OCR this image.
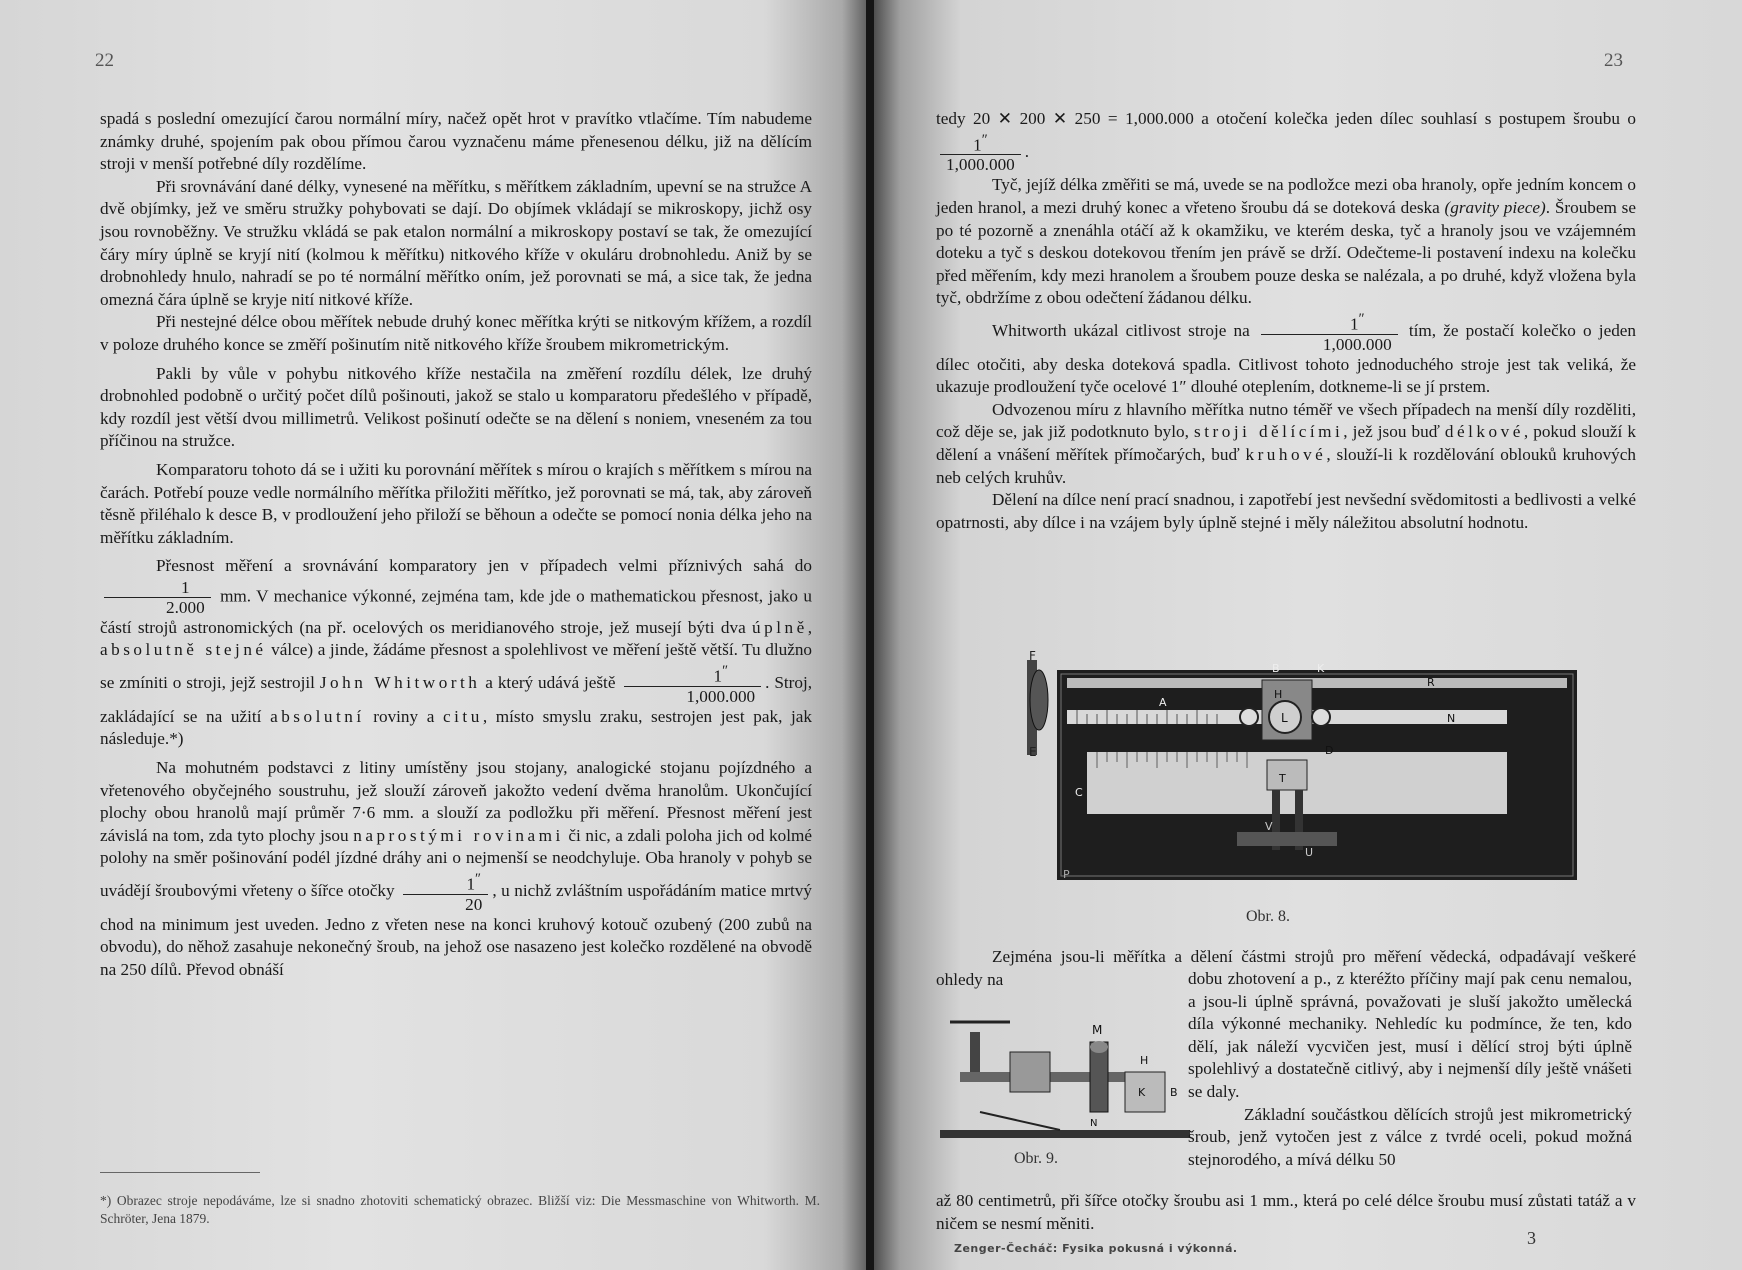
22

spadá s poslední omezující čarou normální míry, načež opět hrot v pravítko vtlačíme. Tím nabudeme známky druhé, spojením pak obou přímou čarou vyznačenu máme přenesenou délku, již na dělícím stroji v menší potřebné díly rozdělíme.

Při srovnávání dané délky, vynesené na měřítku, s měřítkem základním, upevní se na stružce A dvě objímky, jež ve směru stružky pohybovati se dají. Do objímek vkládají se mikroskopy, jichž osy jsou rovnoběžny. Ve stružku vkládá se pak etalon normální a mikroskopy postaví se tak, že omezující čáry míry úplně se kryjí nití (kolmou k měřítku) nitkového kříže v okuláru drobnohledu. Aniž by se drobnohledy hnulo, nahradí se po té normální měřítko oním, jež porovnati se má, a sice tak, že jedna omezná čára úplně se kryje nití nitkové kříže.

Při nestejné délce obou měřítek nebude druhý konec měřítka krýti se nitkovým křížem, a rozdíl v poloze druhého konce se změří pošinutím nitě nitkového kříže šroubem mikrometrickým.

Pakli by vůle v pohybu nitkového kříže nestačila na změření rozdílu délek, lze druhý drobnohled podobně o určitý počet dílů pošinouti, jakož se stalo u komparatoru předešlého v případě, kdy rozdíl jest větší dvou millimetrů. Velikost pošinutí odečte se na dělení s noniem, vneseném za tou příčinou na stružce.

Komparatoru tohoto dá se i užiti ku porovnání měřítek s mírou o krajích s měřítkem s mírou na čarách. Potřebí pouze vedle normálního měřítka přiložiti měřítko, jež porovnati se má, tak, aby zároveň těsně přiléhalo k desce B, v prodloužení jeho přiloží se běhoun a odečte se pomocí nonia délka jeho na měřítku základním.

Přesnost měření a srovnávání komparatory jen v případech velmi příznivých sahá do
$\frac{1}{2.000}$ mm. V mechanice výkonné, zejména tam, kde jde o mathematickou přesnost, jako u částí strojů astronomických (na př. ocelových os meridianového stroje, jež musejí býti dva úplně, absolutně stejné válce) a jinde, žádáme přesnost a spolehlivost ve měření ještě větší. Tu dlužno se zmíniti o stroji, jejž sestrojil John Whitworth a který udává ještě $\frac{1''}{1,000.000}$ . Stroj, zakládající se na užití absolutní roviny a citu, místo smyslu zraku, sestrojen jest pak, jak následuje.*)

Na mohutném podstavci z litiny umístěny jsou stojany, analogické stojanu pojízdného a vřetenového obyčejného soustruhu, jež slouží zároveň jakožto vedení dvěma hranolům. Ukončující plochy obou hranolů mají průměr 7·6 mm. a slouží za podložku při měření. Přesnost měření jest závislá na tom, zda tyto plochy jsou naprostými rovinami či nic, a zdali poloha jich od kolmé polohy na směr pošinování podél jízdné dráhy ani o nejmenší se neodchyluje. Oba hranoly v pohyb se uvádějí šroubovými vřeteny o šířce otočky $\frac{1''}{20}$ , u nichž zvláštním uspořádáním matice mrtvý chod na minimum jest uveden. Jedno z vřeten nese na konci kruhový kotouč ozubený (200 zubů na obvodu), do něhož zasahuje nekonečný šroub, na jehož ose nasazeno jest kolečko rozdělené na obvodě na 250 dílů. Převod obnáší

*) Obrazec stroje nepodáváme, lze si snadno zhotoviti schematický obrazec. Bližší viz: Die Messmaschine von Whitworth. M. Schröter, Jena 1879.
23

tedy 20 ✕ 200 ✕ 250 = 1,000.000 a otočení kolečka jeden dílec souhlasí s postupem šroubu o
$\frac{1''}{1,000.000}$ .

Tyč, jejíž délka změřiti se má, uvede se na podložce mezi oba hranoly, opře jedním koncem o jeden hranol, a mezi druhý konec a vřeteno šroubu dá se doteková deska (gravity piece). Šroubem se po té pozorně a znenáhla otáčí až k okamžiku, ve kterém deska, tyč a hranoly jsou ve vzájemném doteku a tyč s deskou dotekovou třením jen právě se drží. Odečteme-li postavení indexu na kolečku před měřením, kdy mezi hranolem a šroubem pouze deska se nalézala, a po druhé, když vložena byla tyč, obdržíme z obou odečtení žádanou délku.

Whitworth ukázal citlivost stroje na $\frac{1''}{1,000.000}$ tím, že postačí kolečko o jeden dílec otočiti, aby deska doteková spadla. Citlivost tohoto jednoduchého stroje jest tak veliká, že ukazuje prodloužení tyče ocelové 1″ dlouhé oteplením, dotkneme-li se jí prstem.

Odvozenou míru z hlavního měřítka nutno téměř ve všech případech na menší díly rozděliti, což děje se, jak již podotknuto bylo, stroji dělícími, jež jsou buď délkové, pokud slouží k dělení a vnášení měřítek přímočarých, buď kruhové, slouží-li k rozdělování oblouků kruhových neb celých kruhův.

Dělení na dílce není prací snadnou, i zapotřebí jest nevšední svědomitosti a bedlivosti a velké opatrnosti, aby dílce i na vzájem byly úplně stejné i měly náležitou absolutní hodnotu.

F
E
B	K
R
A
H
L	N
C
P
T
V
U
D
Obr. 8.

Zejména jsou-li měřítka a dělení částmi strojů pro měření vědecká, odpadávají veškeré ohledy na

M
H
K B
N
Obr. 9.

dobu zhotovení a p., z kteréžto příčiny mají pak cenu nemalou, a jsou-li úplně správná, považovati je sluší jakožto umělecká díla výkonné mechaniky. Nehledíc ku podmínce, že ten, kdo dělí, jak náleží vycvičen jest, musí i dělící stroj býti úplně spolehlivý a dostatečně citlivý, aby i nejmenší díly ještě vnášeti se daly.

Základní součástkou dělících strojů jest mikrometrický šroub, jenž vytočen jest z válce z tvrdé oceli, pokud možná stejnorodého, a mívá délku 50

až 80 centimetrů, při šířce otočky šroubu asi 1 mm., která po celé délce šroubu musí zůstati tatáž a v ničem se nesmí měniti.

Zenger-Čecháč: Fysika pokusná i výkonná.
3
